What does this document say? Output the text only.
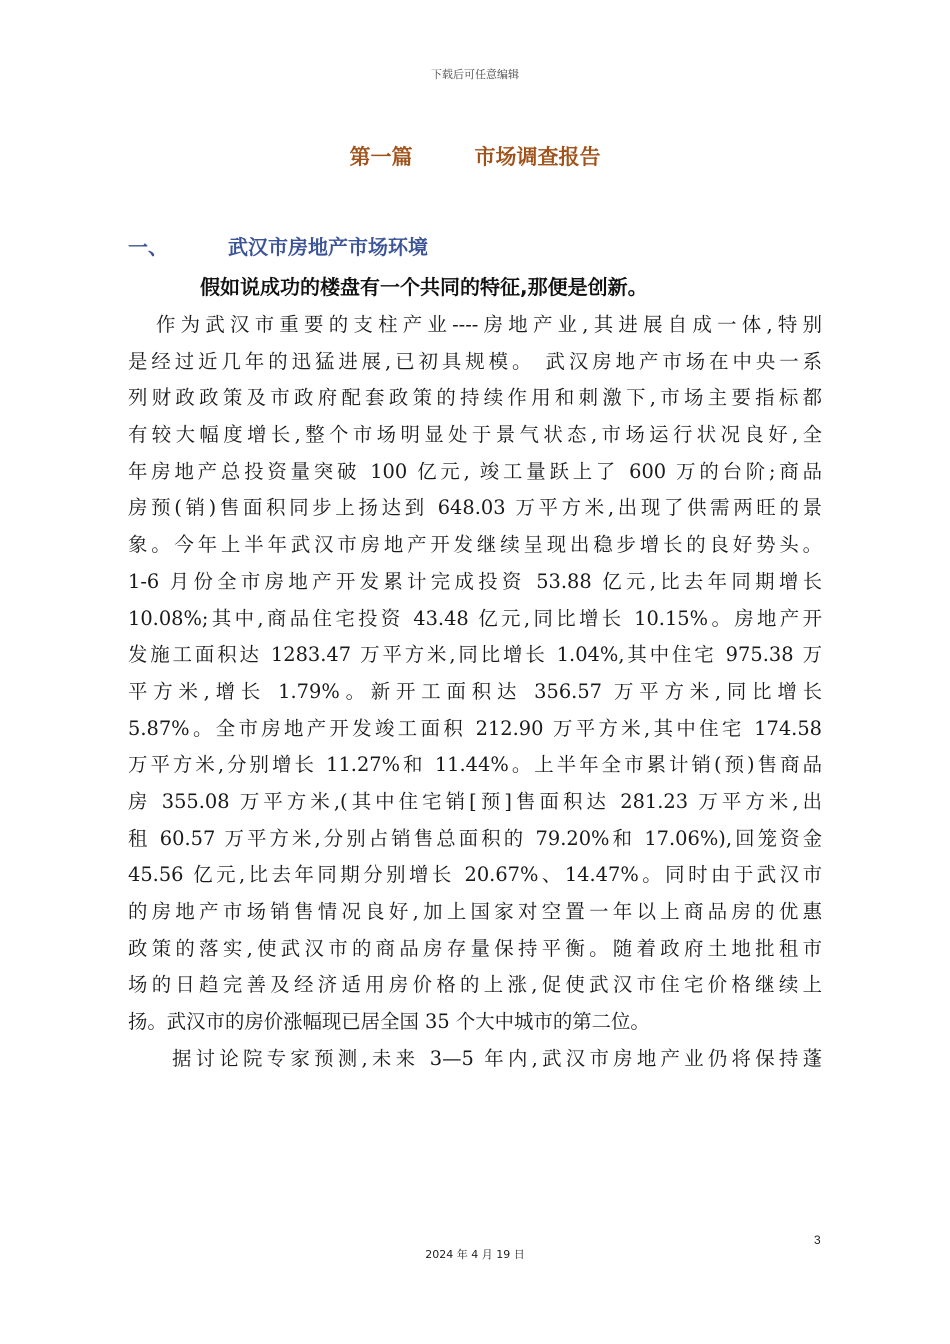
下载后可任意编辑
第一篇	市场调查报告
一、	武汉市房地产市场环境
假如说成功的楼盘有一个共同的特征,那便是创新。
作为武汉市重要的支柱产业----房地产业,其进展自成一体,特别
是经过近几年的迅猛进展,已初具规模。 武汉房地产市场在中央一系
列财政政策及市政府配套政策的持续作用和刺激下,市场主要指标都
有较大幅度增长,整个市场明显处于景气状态,市场运行状况良好,全
年房地产总投资量突破 100 亿元, 竣工量跃上了 600 万的台阶;商品
房预(销)售面积同步上扬达到 648.03 万平方米,出现了供需两旺的景
象。今年上半年武汉市房地产开发继续呈现出稳步增长的良好势头。
1-6 月份全市房地产开发累计完成投资 53.88 亿元,比去年同期增长
10.08%;其中,商品住宅投资 43.48 亿元,同比增长 10.15%。房地产开
发施工面积达 1283.47 万平方米,同比增长 1.04%,其中住宅 975.38 万
平方米,增长 1.79%。新开工面积达 356.57 万平方米,同比增长
5.87%。全市房地产开发竣工面积 212.90 万平方米,其中住宅 174.58
万平方米,分别增长 11.27%和 11.44%。上半年全市累计销(预)售商品
房 355.08 万平方米,(其中住宅销[预]售面积达 281.23 万平方米,出
租 60.57 万平方米,分别占销售总面积的 79.20%和 17.06%),回笼资金
45.56 亿元,比去年同期分别增长 20.67%、14.47%。同时由于武汉市
的房地产市场销售情况良好,加上国家对空置一年以上商品房的优惠
政策的落实,使武汉市的商品房存量保持平衡。随着政府土地批租市
场的日趋完善及经济适用房价格的上涨,促使武汉市住宅价格继续上
扬。武汉市的房价涨幅现已居全国 35 个大中城市的第二位。
据讨论院专家预测,未来 3—5 年内,武汉市房地产业仍将保持蓬
3
2024 年 4 月 19 日
